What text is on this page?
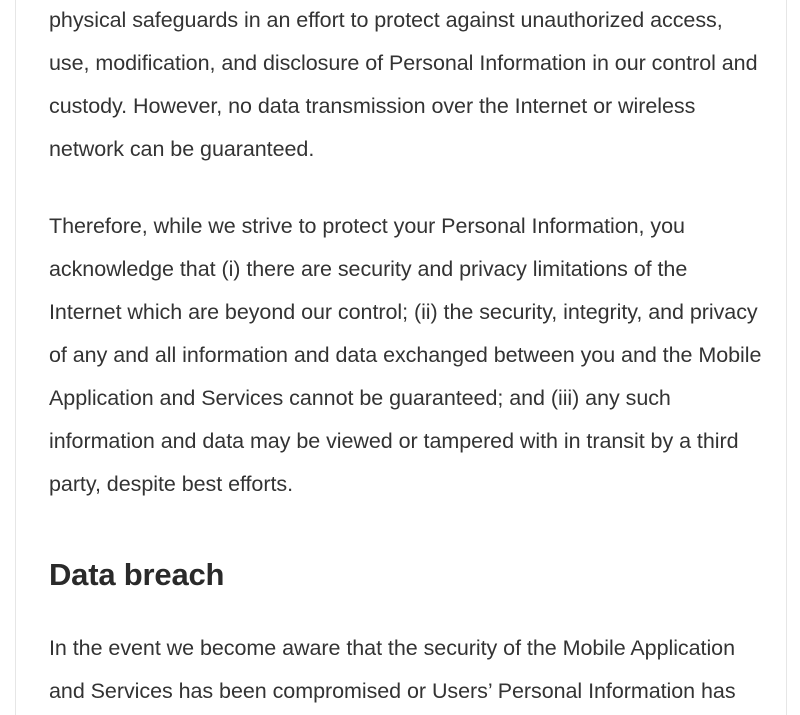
physical safeguards in an effort to protect against unauthorized access, use, modification, and disclosure of Personal Information in our control and custody. However, no data transmission over the Internet or wireless network can be guaranteed.

Therefore, while we strive to protect your Personal Information, you acknowledge that (i) there are security and privacy limitations of the Internet which are beyond our control; (ii) the security, integrity, and privacy of any and all information and data exchanged between you and the Mobile Application and Services cannot be guaranteed; and (iii) any such information and data may be viewed or tampered with in transit by a third party, despite best efforts.

Data breach

In the event we become aware that the security of the Mobile Application and Services has been compromised or Users’ Personal Information has
